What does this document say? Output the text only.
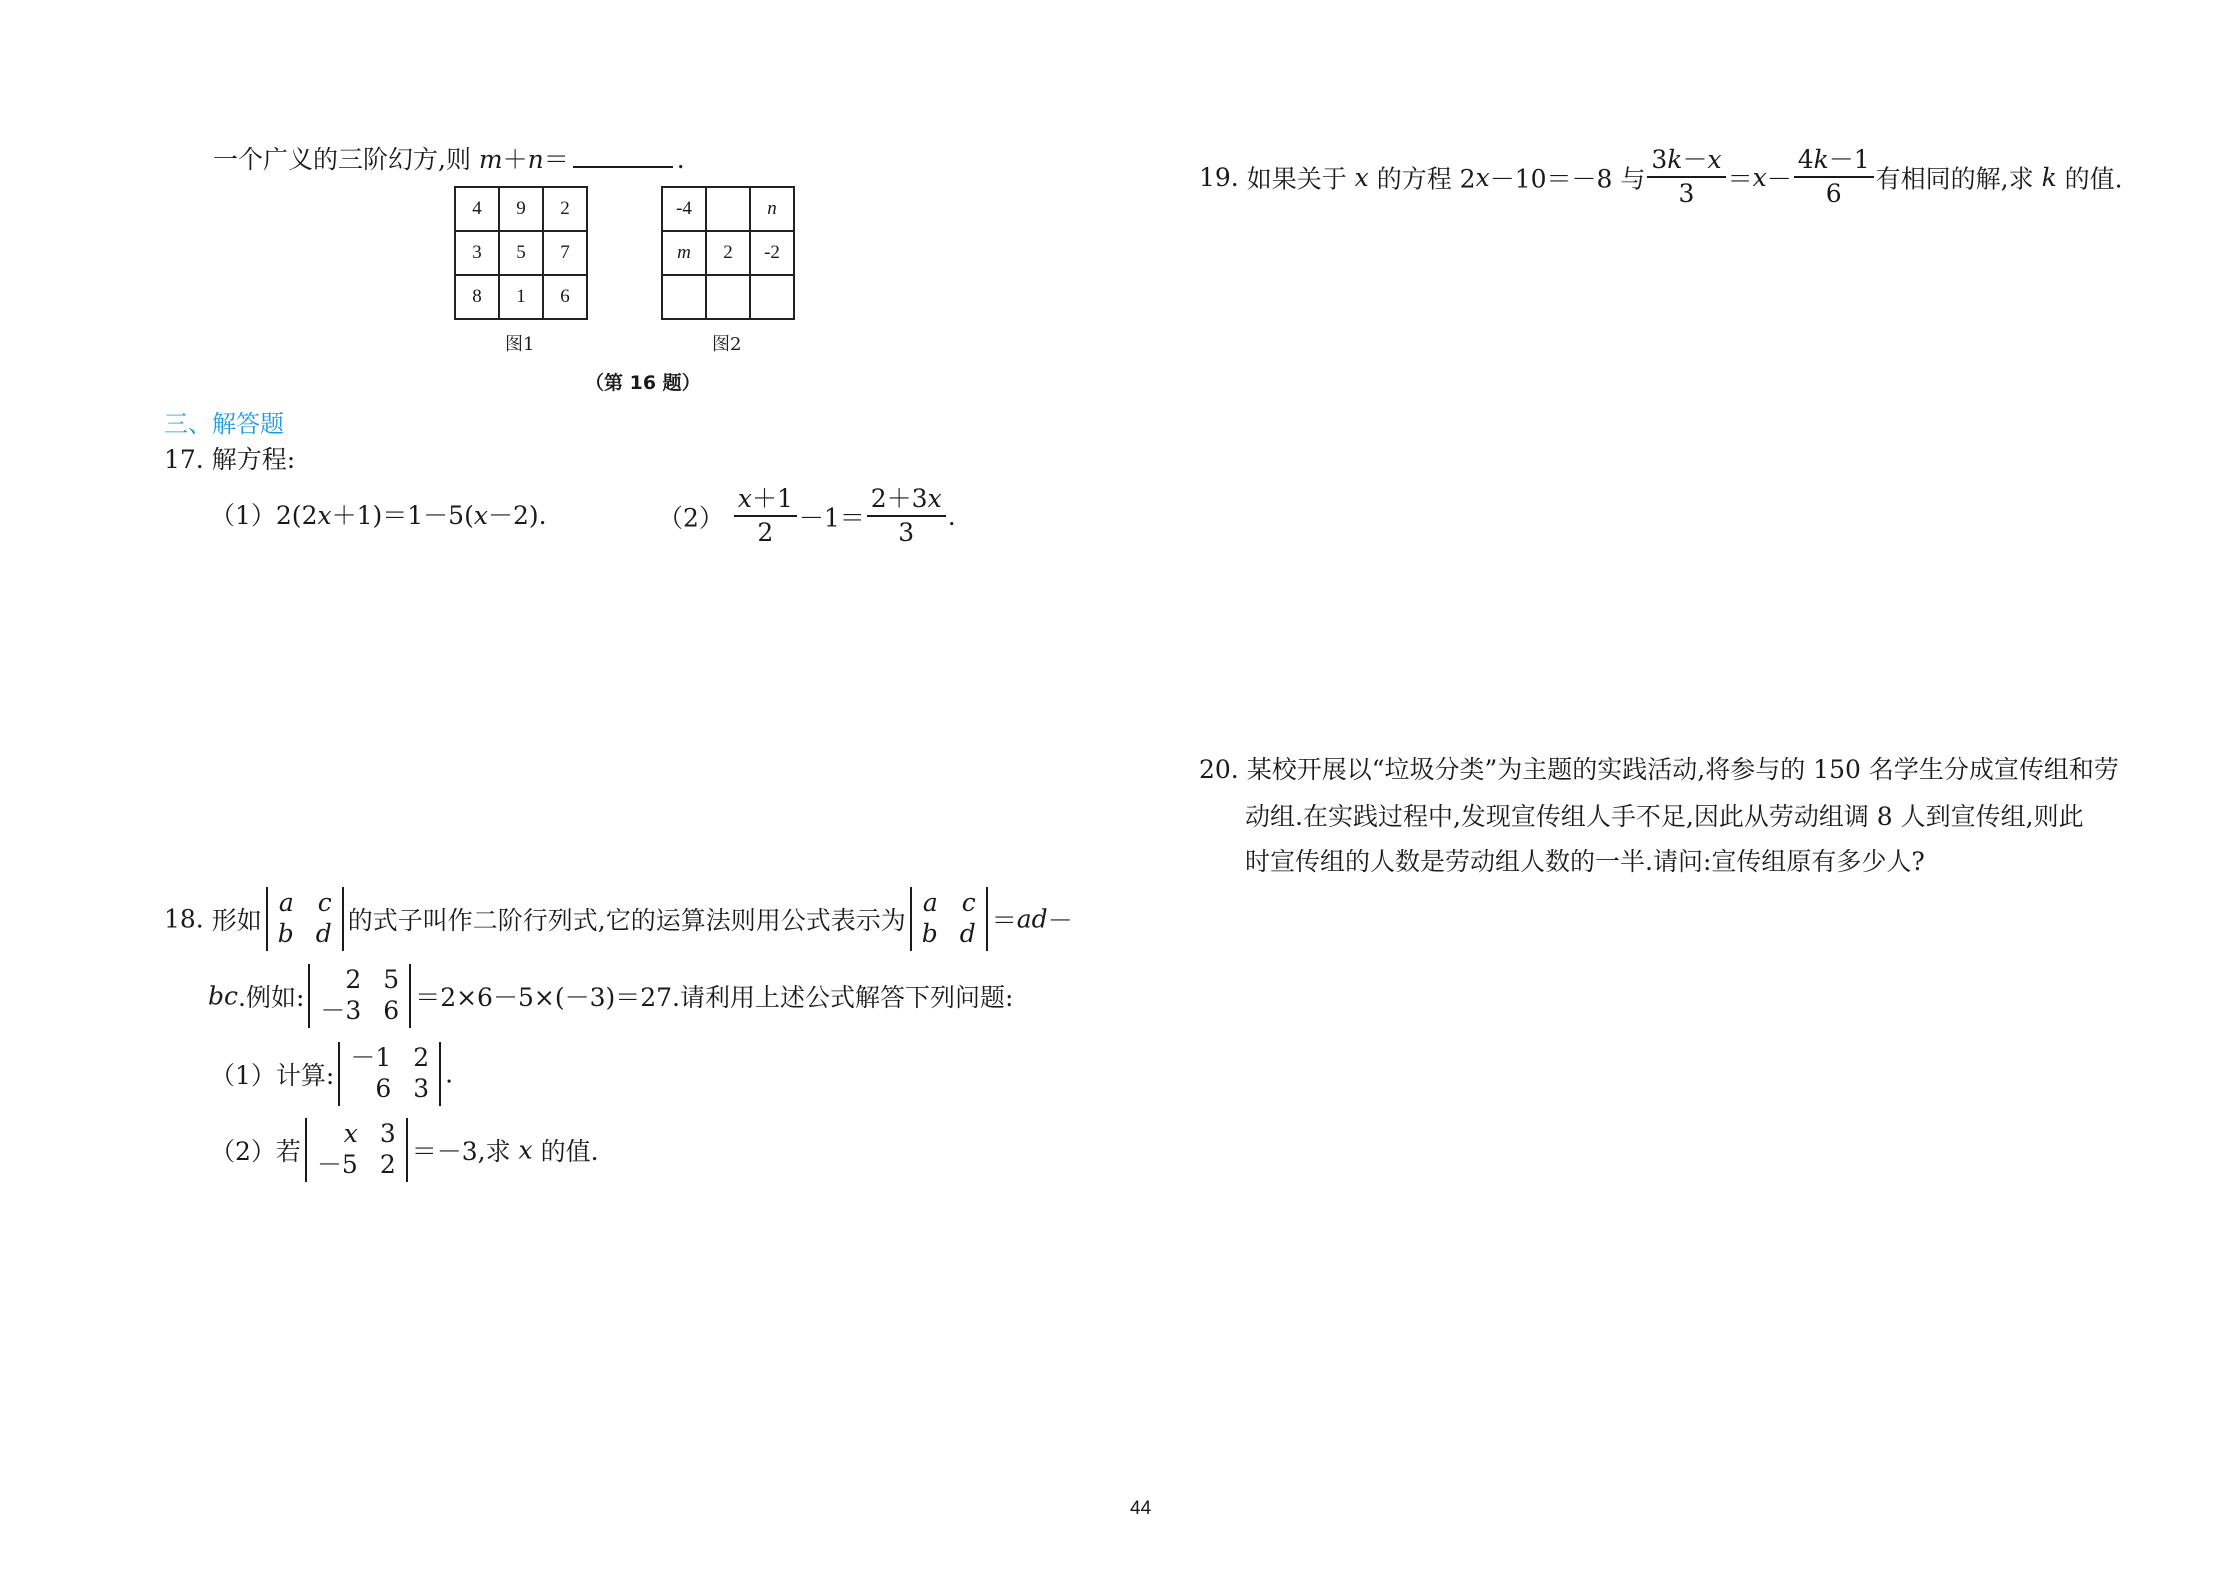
一个广义的三阶幻方,则 m＋n＝	.
4	9	2
3	5	7
8	1	6
-4		n
m	2	-2

图1	图2
（第 16 题）
三、解答题
17. 解方程:
（1）2(2x＋1)＝1－5(x－2).	$(2) \frac{x+1}{2} -1= \frac{2+3x}{3}$ .
18. 形如
a c
b d 的式子叫作二阶行列式,它的运算法则用公式表示为
a c
b d ＝ad－
bc.例如:
2 5
－3 6 ＝2×6－5×(－3)＝27.请利用上述公式解答下列问题:
（1）计算:
－1 2
6 3 .
（2）若
x 3
－5 2 ＝－3,求 x 的值.
19. 如果关于 x 的方程 2x－10＝－8 与 $\frac{3k-x}{3} =x- \frac{4k-1}{6}$ 有相同的解,求 k 的值.
20. 某校开展以“垃圾分类”为主题的实践活动,将参与的 150 名学生分成宣传组和劳
动组.在实践过程中,发现宣传组人手不足,因此从劳动组调 8 人到宣传组,则此
时宣传组的人数是劳动组人数的一半.请问:宣传组原有多少人?
44
